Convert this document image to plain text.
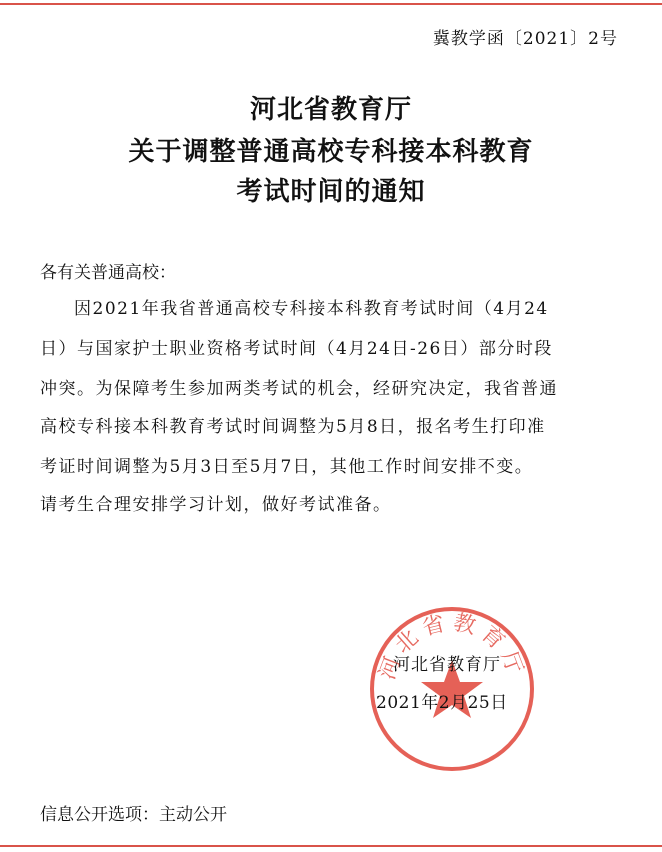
冀教学函〔2021〕2号
河北省教育厅
关于调整普通高校专科接本科教育
考试时间的通知
各有关普通高校：
因2021年我省普通高校专科接本科教育考试时间（4月24
日）与国家护士职业资格考试时间（4月24日-26日）部分时段
冲突。为保障考生参加两类考试的机会，经研究决定，我省普通
高校专科接本科教育考试时间调整为5月8日，报名考生打印准
考证时间调整为5月3日至5月7日，其他工作时间安排不变。
请考生合理安排学习计划，做好考试准备。
河北省教育厅
河北省教育厅
2021年2月25日
信息公开选项：主动公开
